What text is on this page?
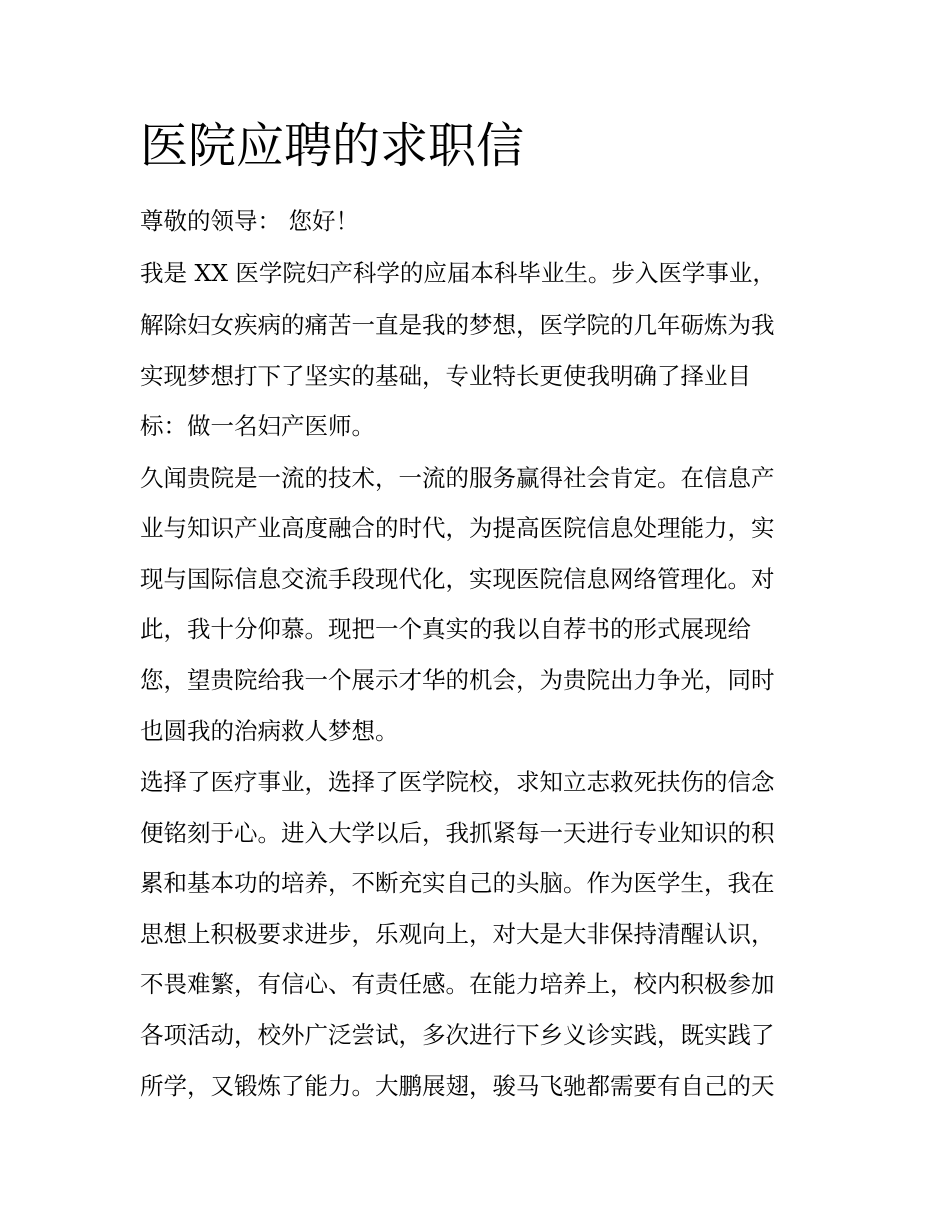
医院应聘的求职信

尊敬的领导： 您好！

我是 XX 医学院妇产科学的应届本科毕业生。步入医学事业，

解除妇女疾病的痛苦一直是我的梦想，医学院的几年砺炼为我

实现梦想打下了坚实的基础，专业特长更使我明确了择业目

标：做一名妇产医师。

久闻贵院是一流的技术，一流的服务赢得社会肯定。在信息产

业与知识产业高度融合的时代，为提高医院信息处理能力，实

现与国际信息交流手段现代化，实现医院信息网络管理化。对

此，我十分仰慕。现把一个真实的我以自荐书的形式展现给

您，望贵院给我一个展示才华的机会，为贵院出力争光，同时

也圆我的治病救人梦想。

选择了医疗事业，选择了医学院校，求知立志救死扶伤的信念

便铭刻于心。进入大学以后，我抓紧每一天进行专业知识的积

累和基本功的培养，不断充实自己的头脑。作为医学生，我在

思想上积极要求进步，乐观向上，对大是大非保持清醒认识，

不畏难繁，有信心、有责任感。在能力培养上，校内积极参加

各项活动，校外广泛尝试，多次进行下乡义诊实践，既实践了

所学，又锻炼了能力。大鹏展翅，骏马飞驰都需要有自己的天
